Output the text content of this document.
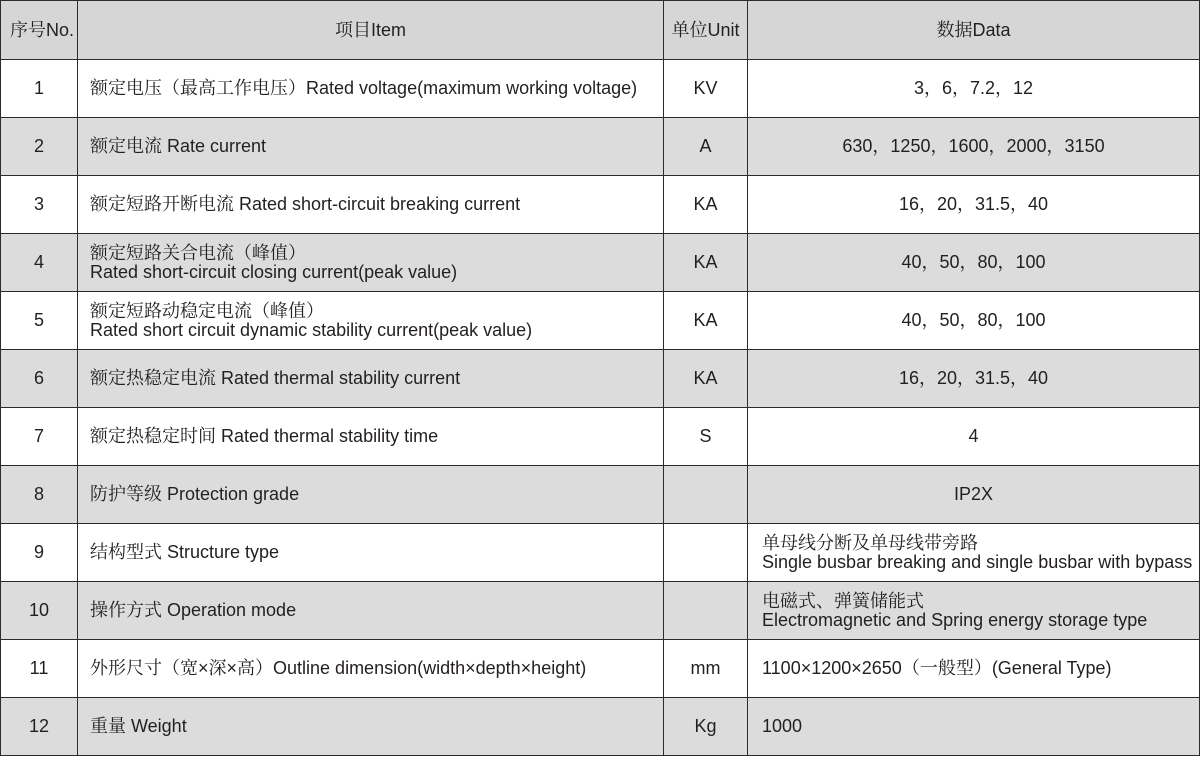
序号No.	项目Item	单位Unit	数据Data
1	额定电压（最高工作电压）Rated voltage(maximum working voltage)	KV	3，6，7.2，12
2	额定电流 Rate current	A	630，1250，1600，2000，3150
3	额定短路开断电流 Rated short-circuit breaking current	KA	16，20，31.5，40
4	额定短路关合电流（峰值）
Rated short-circuit closing current(peak value)	KA	40，50，80，100
5	额定短路动稳定电流（峰值）
Rated short circuit dynamic stability current(peak value)	KA	40，50，80，100
6	额定热稳定电流 Rated thermal stability current	KA	16，20，31.5，40
7	额定热稳定时间 Rated thermal stability time	S	4
8	防护等级 Protection grade		IP2X
9	结构型式 Structure type		单母线分断及单母线带旁路
Single busbar breaking and single busbar with bypass

10	操作方式 Operation mode		电磁式、弹簧储能式
Electromagnetic and Spring energy storage type

11	外形尺寸（宽×深×高）Outline dimension(width×depth×height)	mm	1100×1200×2650（一般型）(General Type)
12	重量 Weight	Kg	1000
